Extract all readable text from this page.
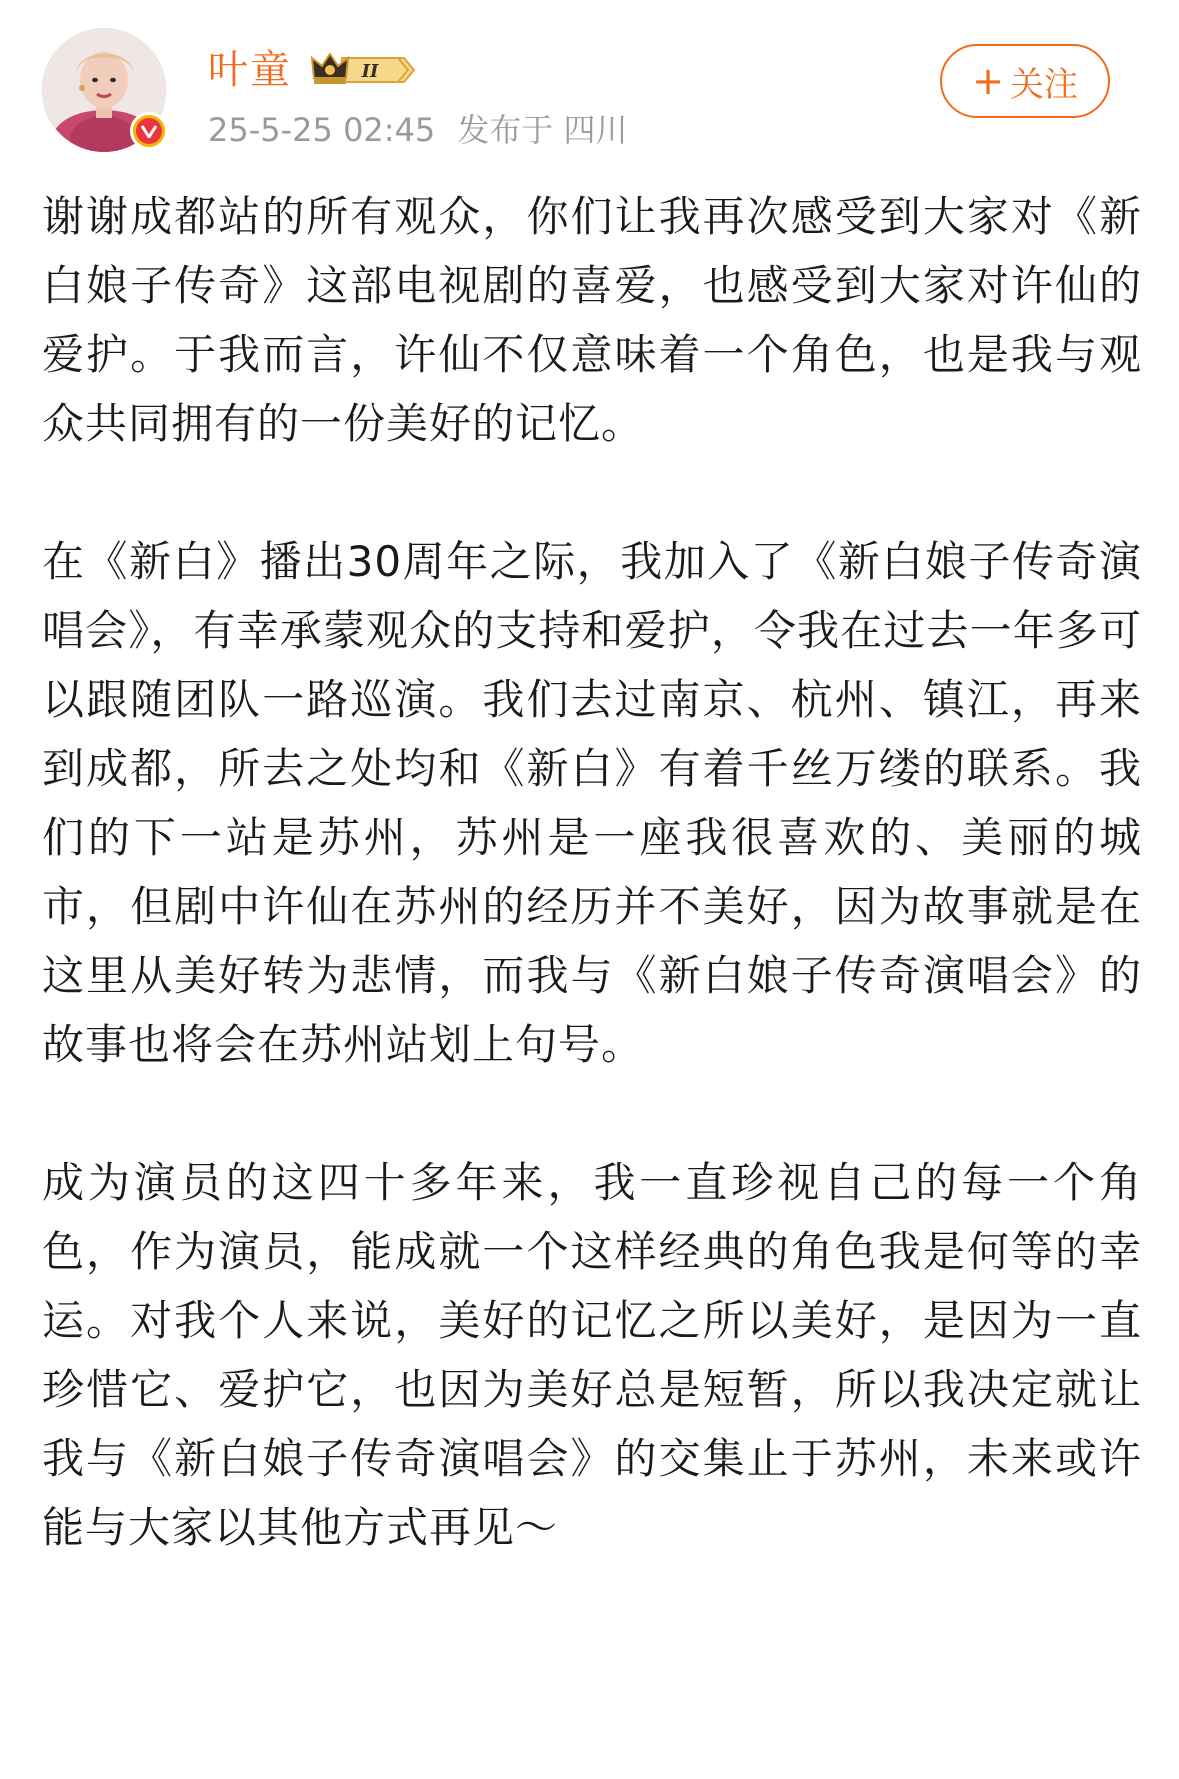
叶童	II
25-5-25 02:45 发布于 四川
+ 关注

谢谢成都站的所有观众，你们让我再次感受到大家对《新白娘子传奇》这部电视剧的喜爱，也感受到大家对许仙的爱护。于我而言，许仙不仅意味着一个角色，也是我与观众共同拥有的一份美好的记忆。

在《新白》播出30周年之际，我加入了《新白娘子传奇演唱会》，有幸承蒙观众的支持和爱护，令我在过去一年多可以跟随团队一路巡演。我们去过南京、杭州、镇江，再来到成都，所去之处均和《新白》有着千丝万缕的联系。我们的下一站是苏州，苏州是一座我很喜欢的、美丽的城市，但剧中许仙在苏州的经历并不美好，因为故事就是在这里从美好转为悲情，而我与《新白娘子传奇演唱会》的故事也将会在苏州站划上句号。

成为演员的这四十多年来，我一直珍视自己的每一个角色，作为演员，能成就一个这样经典的角色我是何等的幸运。对我个人来说，美好的记忆之所以美好，是因为一直珍惜它、爱护它，也因为美好总是短暂，所以我决定就让我与《新白娘子传奇演唱会》的交集止于苏州，未来或许能与大家以其他方式再见～
